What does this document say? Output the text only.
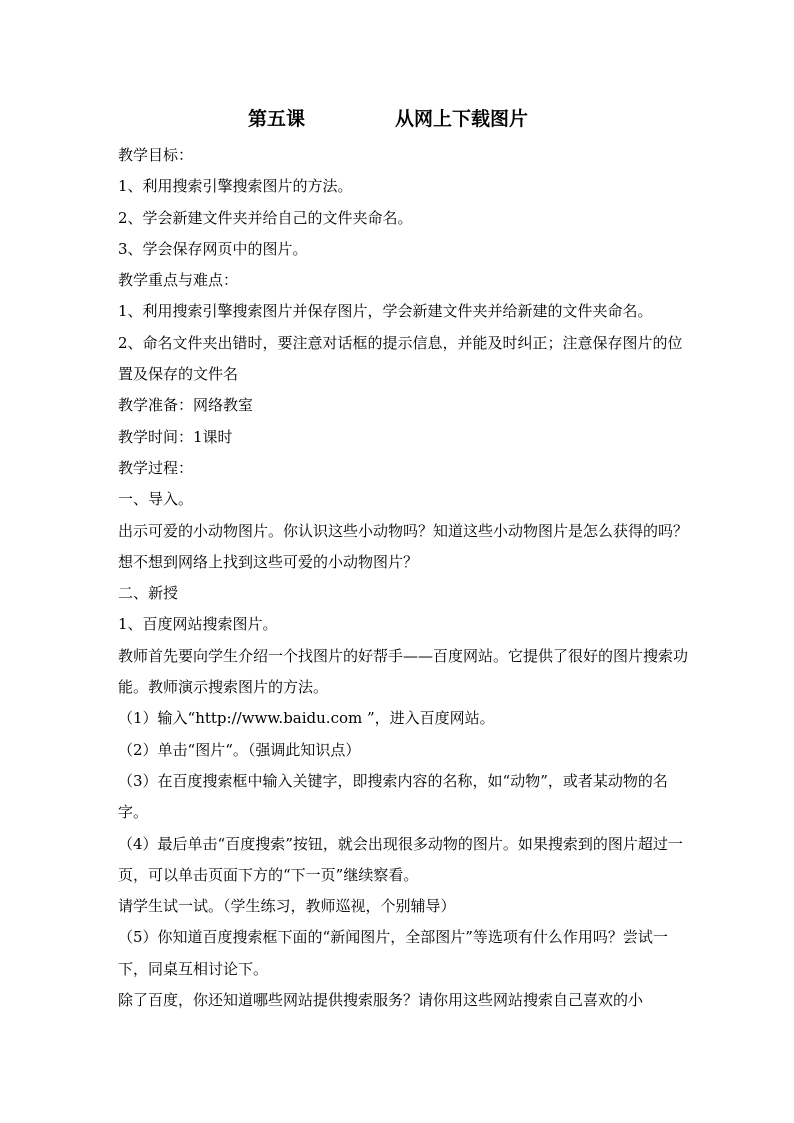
第五课	从网上下载图片

教学目标：

1、利用搜索引擎搜索图片的方法。

2、学会新建文件夹并给自己的文件夹命名。

3、学会保存网页中的图片。

教学重点与难点：

1、利用搜索引擎搜索图片并保存图片，学会新建文件夹并给新建的文件夹命名。

2、命名文件夹出错时，要注意对话框的提示信息，并能及时纠正；注意保存图片的位置及保存的文件名

教学准备：网络教室

教学时间：1课时

教学过程：

一、导入。

出示可爱的小动物图片。你认识这些小动物吗？知道这些小动物图片是怎么获得的吗？想不想到网络上找到这些可爱的小动物图片？

二、新授

1、百度网站搜索图片。

教师首先要向学生介绍一个找图片的好帮手——百度网站。它提供了很好的图片搜索功能。教师演示搜索图片的方法。

（1）输入“http://www.baidu.com ”，进入百度网站。

（2）单击“图片“。（强调此知识点）

（3）在百度搜索框中输入关键字，即搜索内容的名称，如“动物”，或者某动物的名字。

（4）最后单击“百度搜索”按钮，就会出现很多动物的图片。如果搜索到的图片超过一页，可以单击页面下方的“下一页”继续察看。

请学生试一试。（学生练习，教师巡视，个别辅导）

（5）你知道百度搜索框下面的“新闻图片，全部图片”等选项有什么作用吗？尝试一下，同桌互相讨论下。

除了百度，你还知道哪些网站提供搜索服务？请你用这些网站搜索自己喜欢的小
